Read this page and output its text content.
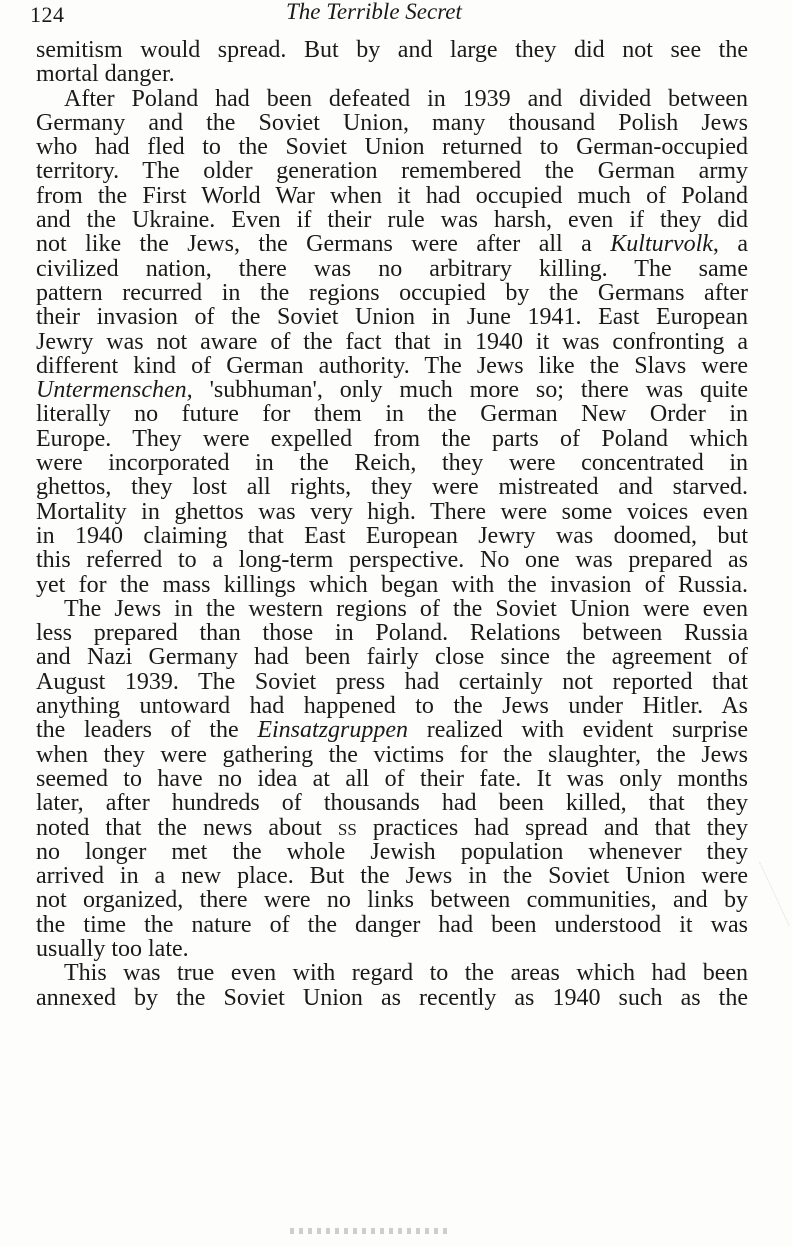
124	The Terrible Secret
semitism would spread. But by and large they did not see the
mortal danger.
After Poland had been defeated in 1939 and divided between
Germany and the Soviet Union, many thousand Polish Jews
who had fled to the Soviet Union returned to German-occupied
territory. The older generation remembered the German army
from the First World War when it had occupied much of Poland
and the Ukraine. Even if their rule was harsh, even if they did
not like the Jews, the Germans were after all a Kulturvolk, a
civilized nation, there was no arbitrary killing. The same
pattern recurred in the regions occupied by the Germans after
their invasion of the Soviet Union in June 1941. East European
Jewry was not aware of the fact that in 1940 it was confronting a
different kind of German authority. The Jews like the Slavs were
Untermenschen, 'subhuman', only much more so; there was quite
literally no future for them in the German New Order in
Europe. They were expelled from the parts of Poland which
were incorporated in the Reich, they were concentrated in
ghettos, they lost all rights, they were mistreated and starved.
Mortality in ghettos was very high. There were some voices even
in 1940 claiming that East European Jewry was doomed, but
this referred to a long-term perspective. No one was prepared as
yet for the mass killings which began with the invasion of Russia.
The Jews in the western regions of the Soviet Union were even
less prepared than those in Poland. Relations between Russia
and Nazi Germany had been fairly close since the agreement of
August 1939. The Soviet press had certainly not reported that
anything untoward had happened to the Jews under Hitler. As
the leaders of the Einsatzgruppen realized with evident surprise
when they were gathering the victims for the slaughter, the Jews
seemed to have no idea at all of their fate. It was only months
later, after hundreds of thousands had been killed, that they
noted that the news about ss practices had spread and that they
no longer met the whole Jewish population whenever they
arrived in a new place. But the Jews in the Soviet Union were
not organized, there were no links between communities, and by
the time the nature of the danger had been understood it was
usually too late.
This was true even with regard to the areas which had been
annexed by the Soviet Union as recently as 1940 such as the
